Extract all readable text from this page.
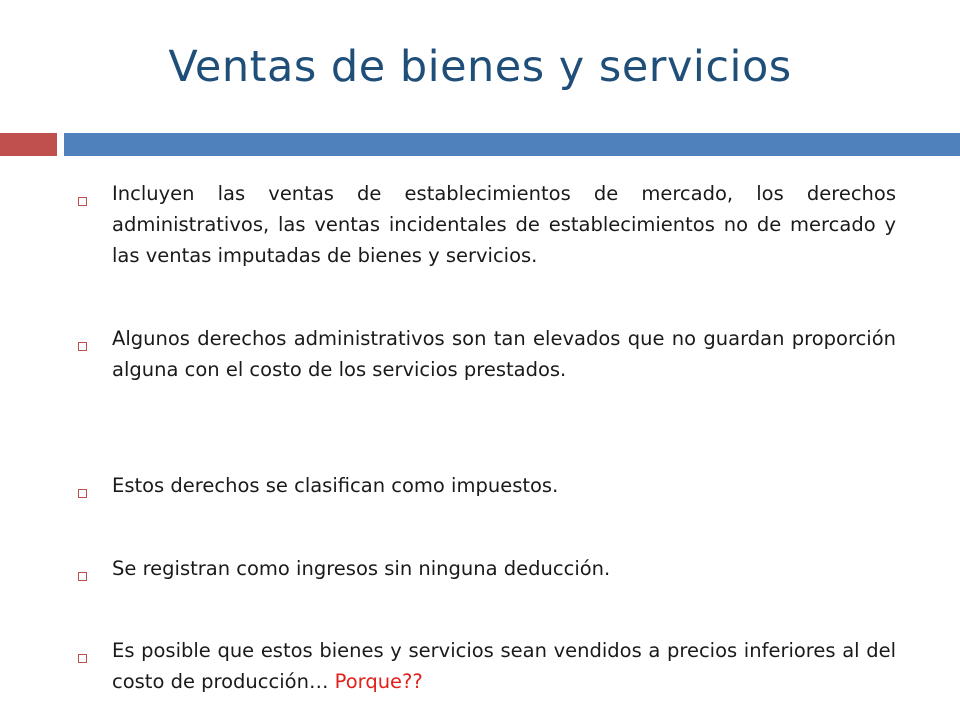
Ventas de bienes y servicios

Incluyen las ventas de establecimientos de mercado, los derechos administrativos, las ventas incidentales de establecimientos no de mercado y las ventas imputadas de bienes y servicios.

Algunos derechos administrativos son tan elevados que no guardan proporción alguna con el costo de los servicios prestados.

Estos derechos se clasifican como impuestos.

Se registran como ingresos sin ninguna deducción.

Es posible que estos bienes y servicios sean vendidos a precios inferiores al del costo de producción… Porque??
